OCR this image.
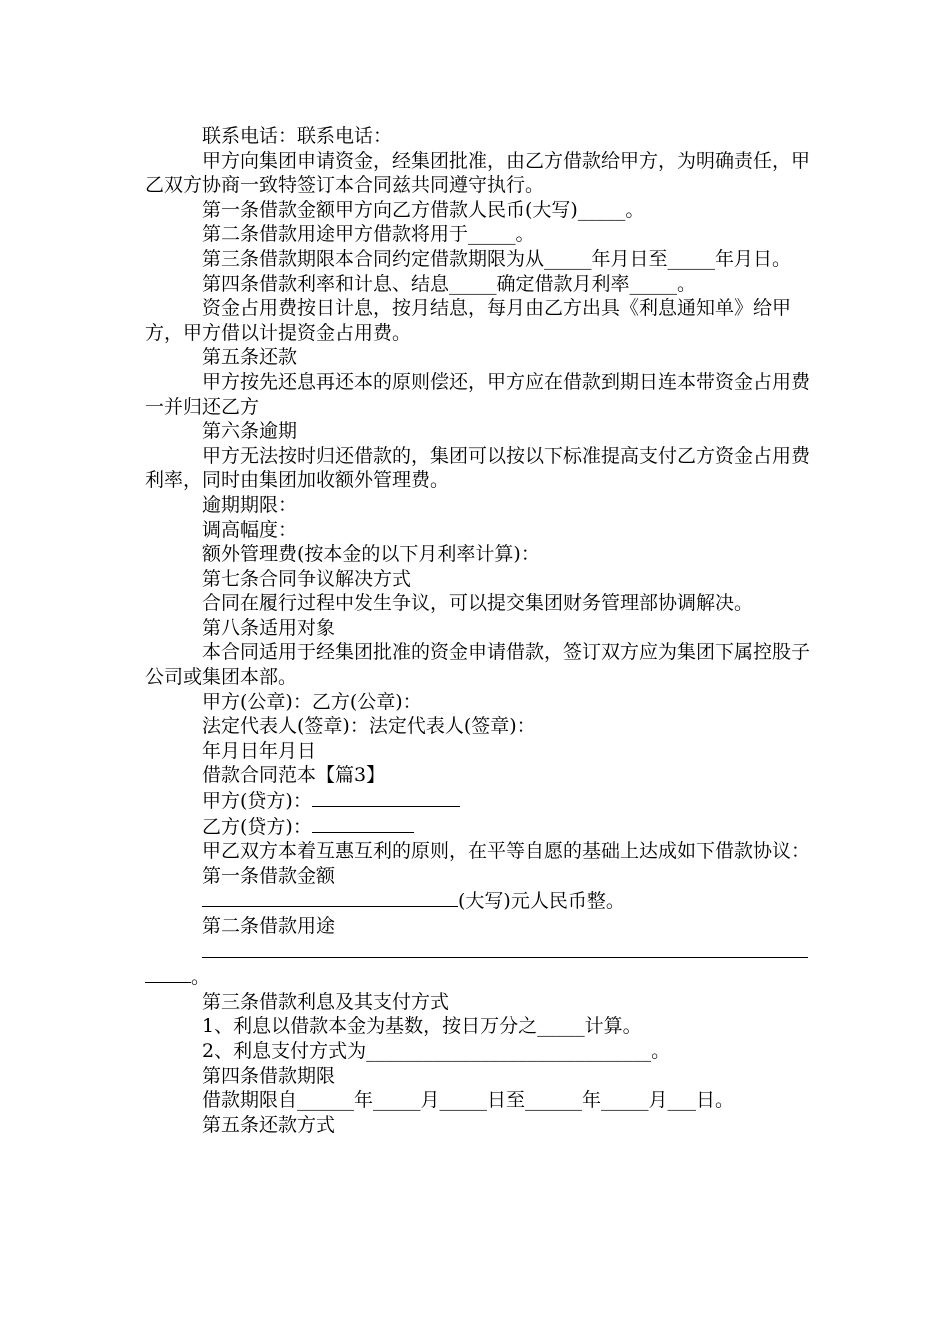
联系电话：联系电话：

甲方向集团申请资金，经集团批准，由乙方借款给甲方，为明确责任，甲乙双方协商一致特签订本合同兹共同遵守执行。

第一条借款金额甲方向乙方借款人民币(大写)_____。

第二条借款用途甲方借款将用于_____。

第三条借款期限本合同约定借款期限为从_____年月日至_____年月日。

第四条借款利率和计息、结息_____确定借款月利率_____。

资金占用费按日计息，按月结息，每月由乙方出具《利息通知单》给甲方，甲方借以计提资金占用费。

第五条还款

甲方按先还息再还本的原则偿还，甲方应在借款到期日连本带资金占用费一并归还乙方

第六条逾期

甲方无法按时归还借款的，集团可以按以下标准提高支付乙方资金占用费利率，同时由集团加收额外管理费。

逾期期限：

调高幅度：

额外管理费(按本金的以下月利率计算)：

第七条合同争议解决方式

合同在履行过程中发生争议，可以提交集团财务管理部协调解决。

第八条适用对象

本合同适用于经集团批准的资金申请借款，签订双方应为集团下属控股子公司或集团本部。

甲方(公章)：乙方(公章)：

法定代表人(签章)：法定代表人(签章)：

年月日年月日

借款合同范本【篇3】

甲方(贷方)：

乙方(贷方)：

甲乙双方本着互惠互利的原则，在平等自愿的基础上达成如下借款协议：

第一条借款金额

(大写)元人民币整。

第二条借款用途

。

第三条借款利息及其支付方式

1、利息以借款本金为基数，按日万分之_____计算。

2、利息支付方式为______________________________。

第四条借款期限

借款期限自______年_____月_____日至______年_____月___日。

第五条还款方式
